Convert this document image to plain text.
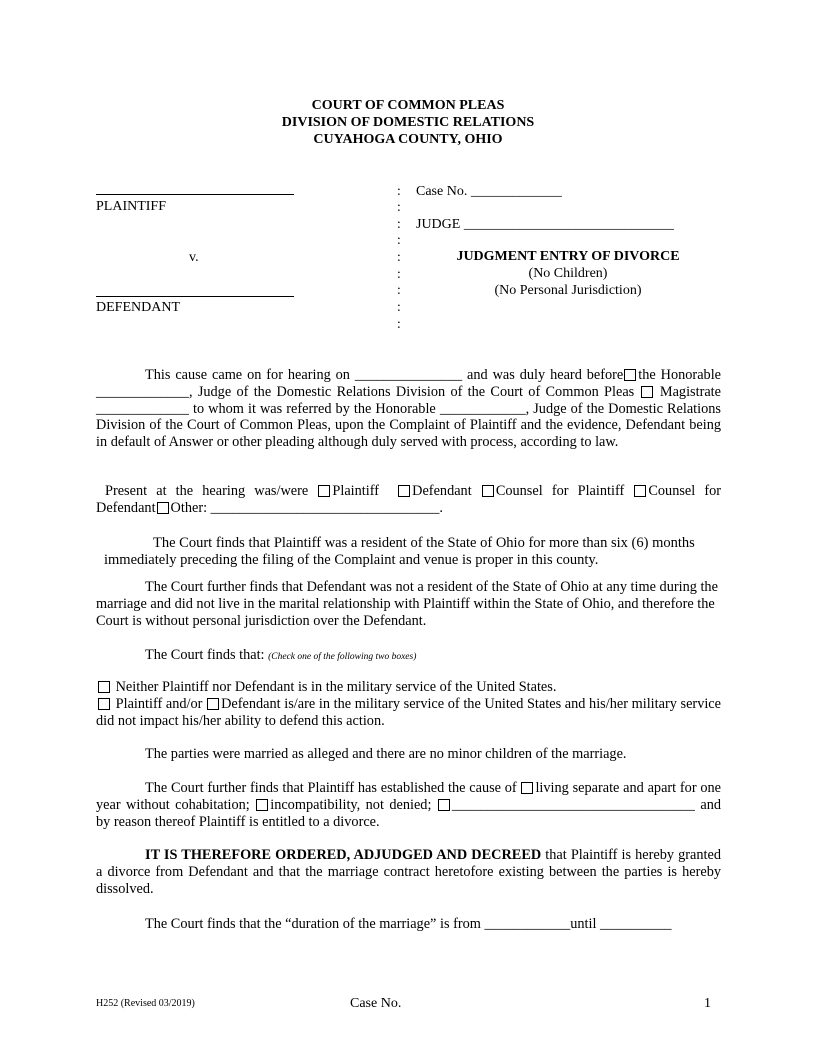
COURT OF COMMON PLEAS
DIVISION OF DOMESTIC RELATIONS
CUYAHOGA COUNTY, OHIO
PLAINTIFF
v.
DEFENDANT
:
:
:
:
:
:
:
:
:
Case No. _____________
JUDGE ______________________________
JUDGMENT ENTRY OF DIVORCE
(No Children)
(No Personal Jurisdiction)
This cause came on for hearing on _______________ and was duly heard before the Honorable _____________, Judge of the Domestic Relations Division of the Court of Common Pleas Magistrate _____________ to whom it was referred by the Honorable ____________, Judge of the Domestic Relations Division of the Court of Common Pleas, upon the Complaint of Plaintiff and the evidence, Defendant being in default of Answer or other pleading although duly served with process, according to law.
Present at the hearing was/were Plaintiff Defendant Counsel for Plaintiff Counsel for Defendant Other: ________________________________.
The Court finds that Plaintiff was a resident of the State of Ohio for more than six (6) months immediately preceding the filing of the Complaint and venue is proper in this county.
The Court further finds that Defendant was not a resident of the State of Ohio at any time during the marriage and did not live in the marital relationship with Plaintiff within the State of Ohio, and therefore the Court is without personal jurisdiction over the Defendant.
The Court finds that: (Check one of the following two boxes)
Neither Plaintiff nor Defendant is in the military service of the United States.
Plaintiff and/or Defendant is/are in the military service of the United States and his/her military service did not impact his/her ability to defend this action.
The parties were married as alleged and there are no minor children of the marriage.
The Court further finds that Plaintiff has established the cause of living separate and apart for one year without cohabitation; incompatibility, not denied; __________________________________ and by reason thereof Plaintiff is entitled to a divorce.
IT IS THEREFORE ORDERED, ADJUDGED AND DECREED that Plaintiff is hereby granted a divorce from Defendant and that the marriage contract heretofore existing between the parties is hereby dissolved.
The Court finds that the “duration of the marriage” is from ____________until __________
H252 (Revised 03/2019)	Case No.	1
